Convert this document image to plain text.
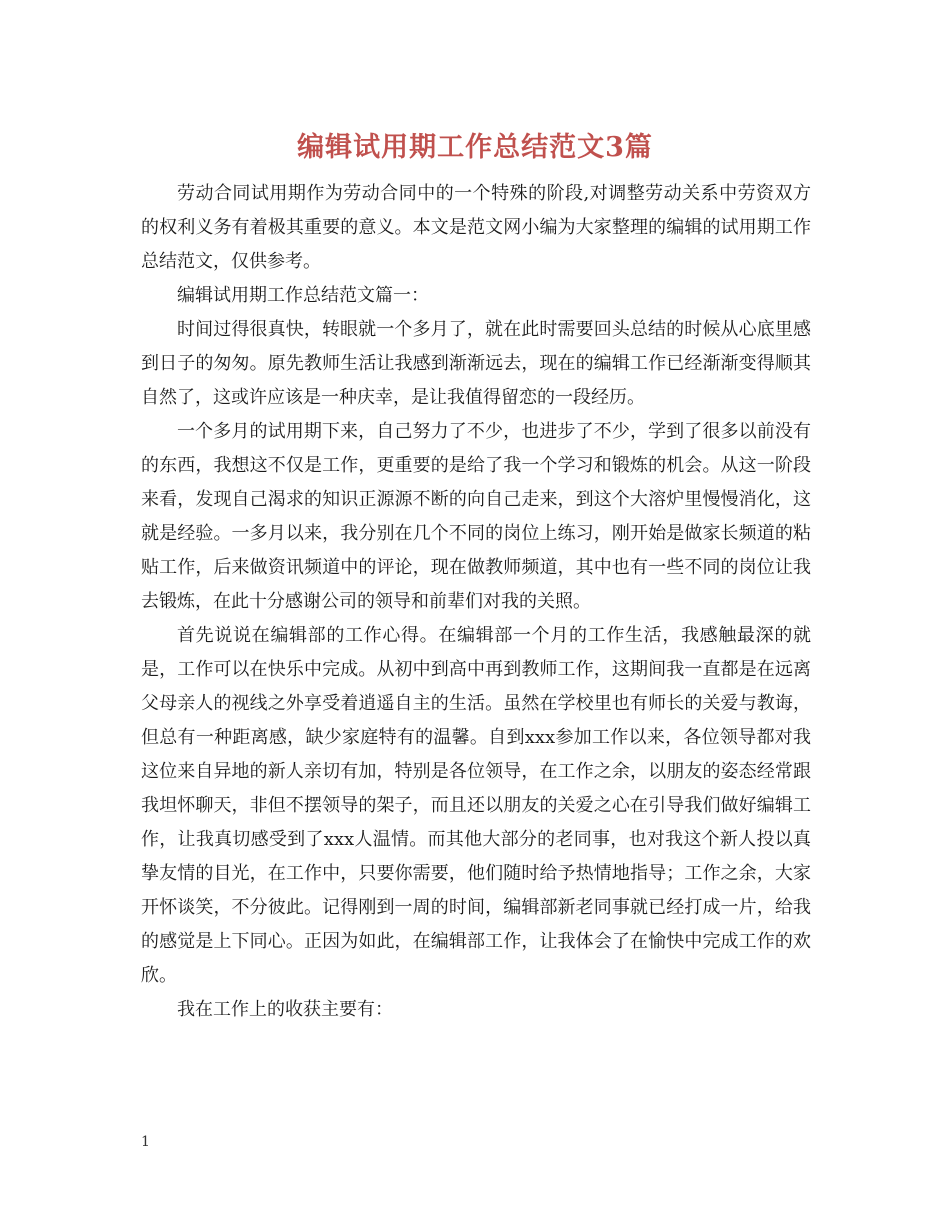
编辑试用期工作总结范文3篇

劳动合同试用期作为劳动合同中的一个特殊的阶段,对调整劳动关系中劳资双方的权利义务有着极其重要的意义。本文是范文网小编为大家整理的编辑的试用期工作总结范文，仅供参考。

编辑试用期工作总结范文篇一：

时间过得很真快，转眼就一个多月了，就在此时需要回头总结的时候从心底里感到日子的匆匆。原先教师生活让我感到渐渐远去，现在的编辑工作已经渐渐变得顺其自然了，这或许应该是一种庆幸，是让我值得留恋的一段经历。

一个多月的试用期下来，自己努力了不少，也进步了不少，学到了很多以前没有的东西，我想这不仅是工作，更重要的是给了我一个学习和锻炼的机会。从这一阶段来看，发现自己渴求的知识正源源不断的向自己走来，到这个大溶炉里慢慢消化，这就是经验。一多月以来，我分别在几个不同的岗位上练习，刚开始是做家长频道的粘贴工作，后来做资讯频道中的评论，现在做教师频道，其中也有一些不同的岗位让我去锻炼，在此十分感谢公司的领导和前辈们对我的关照。

首先说说在编辑部的工作心得。在编辑部一个月的工作生活，我感触最深的就是，工作可以在快乐中完成。从初中到高中再到教师工作，这期间我一直都是在远离父母亲人的视线之外享受着逍遥自主的生活。虽然在学校里也有师长的关爱与教诲，但总有一种距离感，缺少家庭特有的温馨。自到xxx参加工作以来，各位领导都对我这位来自异地的新人亲切有加，特别是各位领导，在工作之余，以朋友的姿态经常跟我坦怀聊天，非但不摆领导的架子，而且还以朋友的关爱之心在引导我们做好编辑工作，让我真切感受到了xxx人温情。而其他大部分的老同事，也对我这个新人投以真挚友情的目光，在工作中，只要你需要，他们随时给予热情地指导；工作之余，大家开怀谈笑，不分彼此。记得刚到一周的时间，编辑部新老同事就已经打成一片，给我的感觉是上下同心。正因为如此，在编辑部工作，让我体会了在愉快中完成工作的欢欣。

我在工作上的收获主要有：

1
